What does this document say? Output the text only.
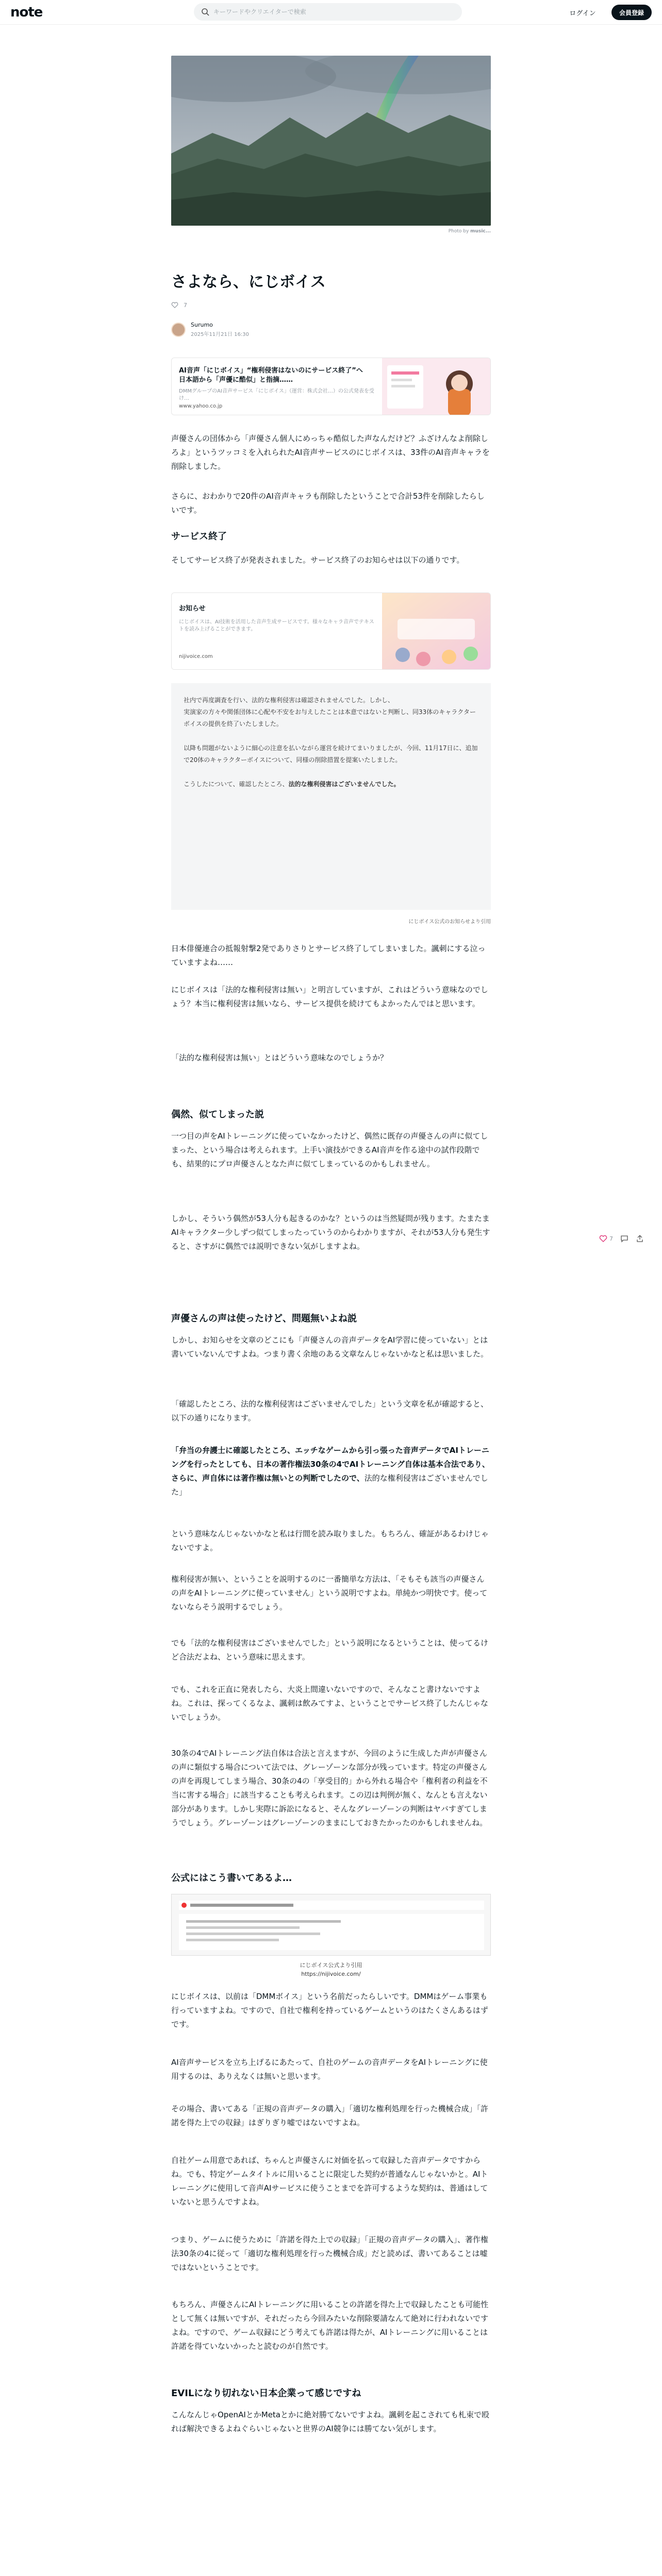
note
キーワードやクリエイターで検索	ログイン	会員登録
Photo by music...
さよなら、にじボイス
7
Surumo
2025年11月21日 16:30
AI音声「にじボイス」“権利侵害はないのにサービス終了”へ　日本語から「声優に酷似」と指摘……
DMMグループのAI音声サービス「にじボイス」（運営：株式会社…）の公式発表を受け…
www.yahoo.co.jp

声優さんの団体から「声優さん個人にめっちゃ酷似した声なんだけど？ふざけんなよ削除しろよ」というツッコミを入れられたAI音声サービスのにじボイスは、33件のAI音声キャラを削除しました。

さらに、おわかりで20件のAI音声キャラも削除したということで合計53件を削除したらしいです。

サービス終了

そしてサービス終了が発表されました。サービス終了のお知らせは以下の通りです。

お知らせ
にじボイスは、AI技術を活用した音声生成サービスです。様々なキャラ音声でテキストを読み上げることができます。
nijivoice.com
社内で再度調査を行い、法的な権利侵害は確認されませんでした。しかし、
実演家の方々や関係団体に心配や不安をお与えしたことは本意ではないと判断し、同33体のキャラクターボイスの提供を終了いたしました。
以降も問題がないように細心の注意を払いながら運営を続けてまいりましたが、今回、11月17日に、追加で20体のキャラクターボイスについて、同様の削除措置を提案いたしました。
こうしたについて、確認したところ、法的な権利侵害はございませんでした。
にじボイス公式のお知らせより引用

日本俳優連合の抵報射撃2発でありさりとサービス終了してしまいました。諷刺にする泣っていますよね……

にじボイスは「法的な権利侵害は無い」と明言していますが、これはどういう意味なのでしょう？本当に権利侵害は無いなら、サービス提供を続けてもよかったんではと思います。

「法的な権利侵害は無い」とはどういう意味なのでしょうか？

偶然、似てしまった説

一つ目の声をAIトレーニングに使っていなかったけど、偶然に既存の声優さんの声に似てしまった、という場合は考えられます。上手い演技ができるAI音声を作る途中の試作段階でも、結果的にプロ声優さんとなた声に似てしまっているのかもしれません。

しかし、そういう偶然が53人分も起きるのかな？というのは当然疑問が残ります。たまたまAIキャラクター少しずつ似てしまったっていうのからわかりますが、それが53人分も発生すると、さすがに偶然では説明できない気がしますよね。

声優さんの声は使ったけど、問題無いよね説

しかし、お知らせを文章のどこにも「声優さんの音声データをAI学習に使っていない」とは書いていないんですよね。つまり書く余地のある文章なんじゃないかなと私は思いました。

「確認したところ、法的な権利侵害はございませんでした」という文章を私が確認すると、以下の通りになります。

「弁当の弁護士に確認したところ、エッチなゲームから引っ張った音声データでAIトレーニングを行ったとしても、日本の著作権法30条の4でAIトレーニング自体は基本合法であり、さらに、声自体には著作権は無いとの判断でしたので、法的な権利侵害はございませんでした」

という意味なんじゃないかなと私は行間を読み取りました。もちろん、確証があるわけじゃないですよ。

権利侵害が無い、ということを説明するのに一番簡単な方法は、「そもそも該当の声優さんの声をAIトレーニングに使っていません」という説明ですよね。単純かつ明快です。使ってないならそう説明するでしょう。

でも「法的な権利侵害はございませんでした」という説明になるということは、使ってるけど合法だよね、という意味に思えます。

でも、これを正直に発表したら、大炎上間違いないですので、そんなこと書けないですよね。これは、探ってくるなよ、諷刺は飲みてすよ、ということでサービス終了したんじゃないでしょうか。

30条の4でAIトレーニング法自体は合法と言えますが、今回のように生成した声が声優さんの声に類似する場合について法では、グレーゾーンな部分が残っています。特定の声優さんの声を再現してしまう場合、30条の4の「享受目的」から外れる場合や「権利者の利益を不当に害する場合」に該当することも考えられます。この辺は判例が無く、なんとも言えない部分があります。しかし実際に訴訟になると、そんなグレーゾーンの判断はヤバすぎてしまうでしょう。グレーゾーンはグレーゾーンのままにしておきたかったのかもしれませんね。

公式にはこう書いてあるよ…
にじボイス公式より引用
https://nijivoice.com/

にじボイスは、以前は「DMMボイス」という名前だったらしいです。DMMはゲーム事業も行っていますよね。ですので、自社で権利を持っているゲームというのはたくさんあるはずです。

AI音声サービスを立ち上げるにあたって、自社のゲームの音声データをAIトレーニングに使用するのは、ありえなくは無いと思います。

その場合、書いてある「正規の音声データの購入」「適切な権利処理を行った機械合成」「許諾を得た上での収録」はぎりぎり嘘ではないですよね。

自社ゲーム用意であれば、ちゃんと声優さんに対価を払って収録した音声データですからね。でも、特定ゲームタイトルに用いることに限定した契約が普通なんじゃないかと。AIトレーニングに使用して音声AIサービスに使うことまでを許可するような契約は、普通はしていないと思うんですよね。

つまり、ゲームに使うために「許諾を得た上での収録」「正規の音声データの購入」、著作権法30条の4に従って「適切な権利処理を行った機械合成」だと読めば、書いてあることは嘘ではないということです。

もちろん、声優さんにAIトレーニングに用いることの許諾を得た上で収録したことも可能性として無くは無いですが、それだったら今回みたいな削除要請なんて絶対に行われないですよね。ですので、ゲーム収録にどう考えても許諾は得たが、AIトレーニングに用いることは許諾を得ていないかったと読むのが自然です。

EVILになり切れない日本企業って感じですね

こんなんじゃOpenAIとかMetaとかに絶対勝てないですよね。諷刺を起こされても札束で殴れば解決できるよねぐらいじゃないと世界のAI競争には勝てない気がします。

7
